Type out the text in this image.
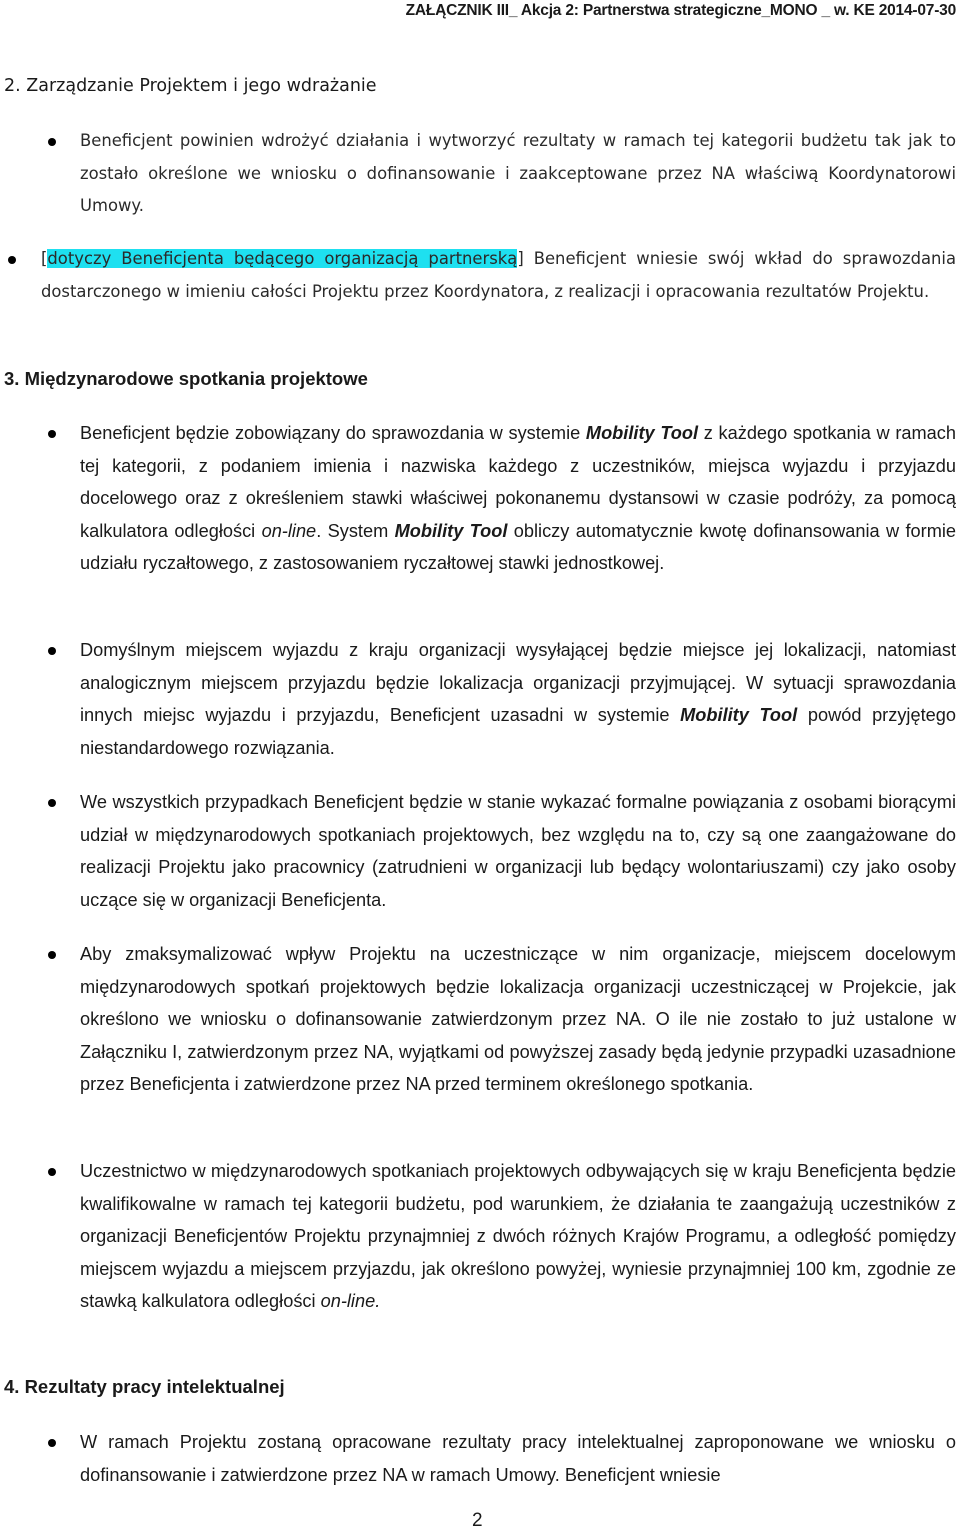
ZAŁĄCZNIK III_ Akcja 2: Partnerstwa strategiczne_MONO _ w. KE 2014-07-30
2. Zarządzanie Projektem i jego wdrażanie
Beneficjent powinien wdrożyć działania i wytworzyć rezultaty w ramach tej kategorii budżetu tak jak to zostało określone we wniosku o dofinansowanie i zaakceptowane przez NA właściwą Koordynatorowi Umowy.
[dotyczy Beneficjenta będącego organizacją partnerską] Beneficjent wniesie swój wkład do sprawozdania dostarczonego w imieniu całości Projektu przez Koordynatora, z realizacji i opracowania rezultatów Projektu.
3. Międzynarodowe spotkania projektowe
Beneficjent będzie zobowiązany do sprawozdania w systemie Mobility Tool z każdego spotkania w ramach tej kategorii, z podaniem imienia i nazwiska każdego z uczestników, miejsca wyjazdu i przyjazdu docelowego oraz z określeniem stawki właściwej pokonanemu dystansowi w czasie podróży, za pomocą kalkulatora odległości on-line. System Mobility Tool obliczy automatycznie kwotę dofinansowania w formie udziału ryczałtowego, z zastosowaniem ryczałtowej stawki jednostkowej.
Domyślnym miejscem wyjazdu z kraju organizacji wysyłającej będzie miejsce jej lokalizacji, natomiast analogicznym miejscem przyjazdu będzie lokalizacja organizacji przyjmującej. W sytuacji sprawozdania innych miejsc wyjazdu i przyjazdu, Beneficjent uzasadni w systemie Mobility Tool powód przyjętego niestandardowego rozwiązania.
We wszystkich przypadkach Beneficjent będzie w stanie wykazać formalne powiązania z osobami biorącymi udział w międzynarodowych spotkaniach projektowych, bez względu na to, czy są one zaangażowane do realizacji Projektu jako pracownicy (zatrudnieni w organizacji lub będący wolontariuszami) czy jako osoby uczące się w organizacji Beneficjenta.
Aby zmaksymalizować wpływ Projektu na uczestniczące w nim organizacje, miejscem docelowym międzynarodowych spotkań projektowych będzie lokalizacja organizacji uczestniczącej w Projekcie, jak określono we wniosku o dofinansowanie zatwierdzonym przez NA. O ile nie zostało to już ustalone w Załączniku I, zatwierdzonym przez NA, wyjątkami od powyższej zasady będą jedynie przypadki uzasadnione przez Beneficjenta i zatwierdzone przez NA przed terminem określonego spotkania.
Uczestnictwo w międzynarodowych spotkaniach projektowych odbywających się w kraju Beneficjenta będzie kwalifikowalne w ramach tej kategorii budżetu, pod warunkiem, że działania te zaangażują uczestników z organizacji Beneficjentów Projektu przynajmniej z dwóch różnych Krajów Programu, a odległość pomiędzy miejscem wyjazdu a miejscem przyjazdu, jak określono powyżej, wyniesie przynajmniej 100 km, zgodnie ze stawką kalkulatora odległości on-line.
4. Rezultaty pracy intelektualnej
W ramach Projektu zostaną opracowane rezultaty pracy intelektualnej zaproponowane we wniosku o dofinansowanie i zatwierdzone przez NA w ramach Umowy. Beneficjent wniesie
2
